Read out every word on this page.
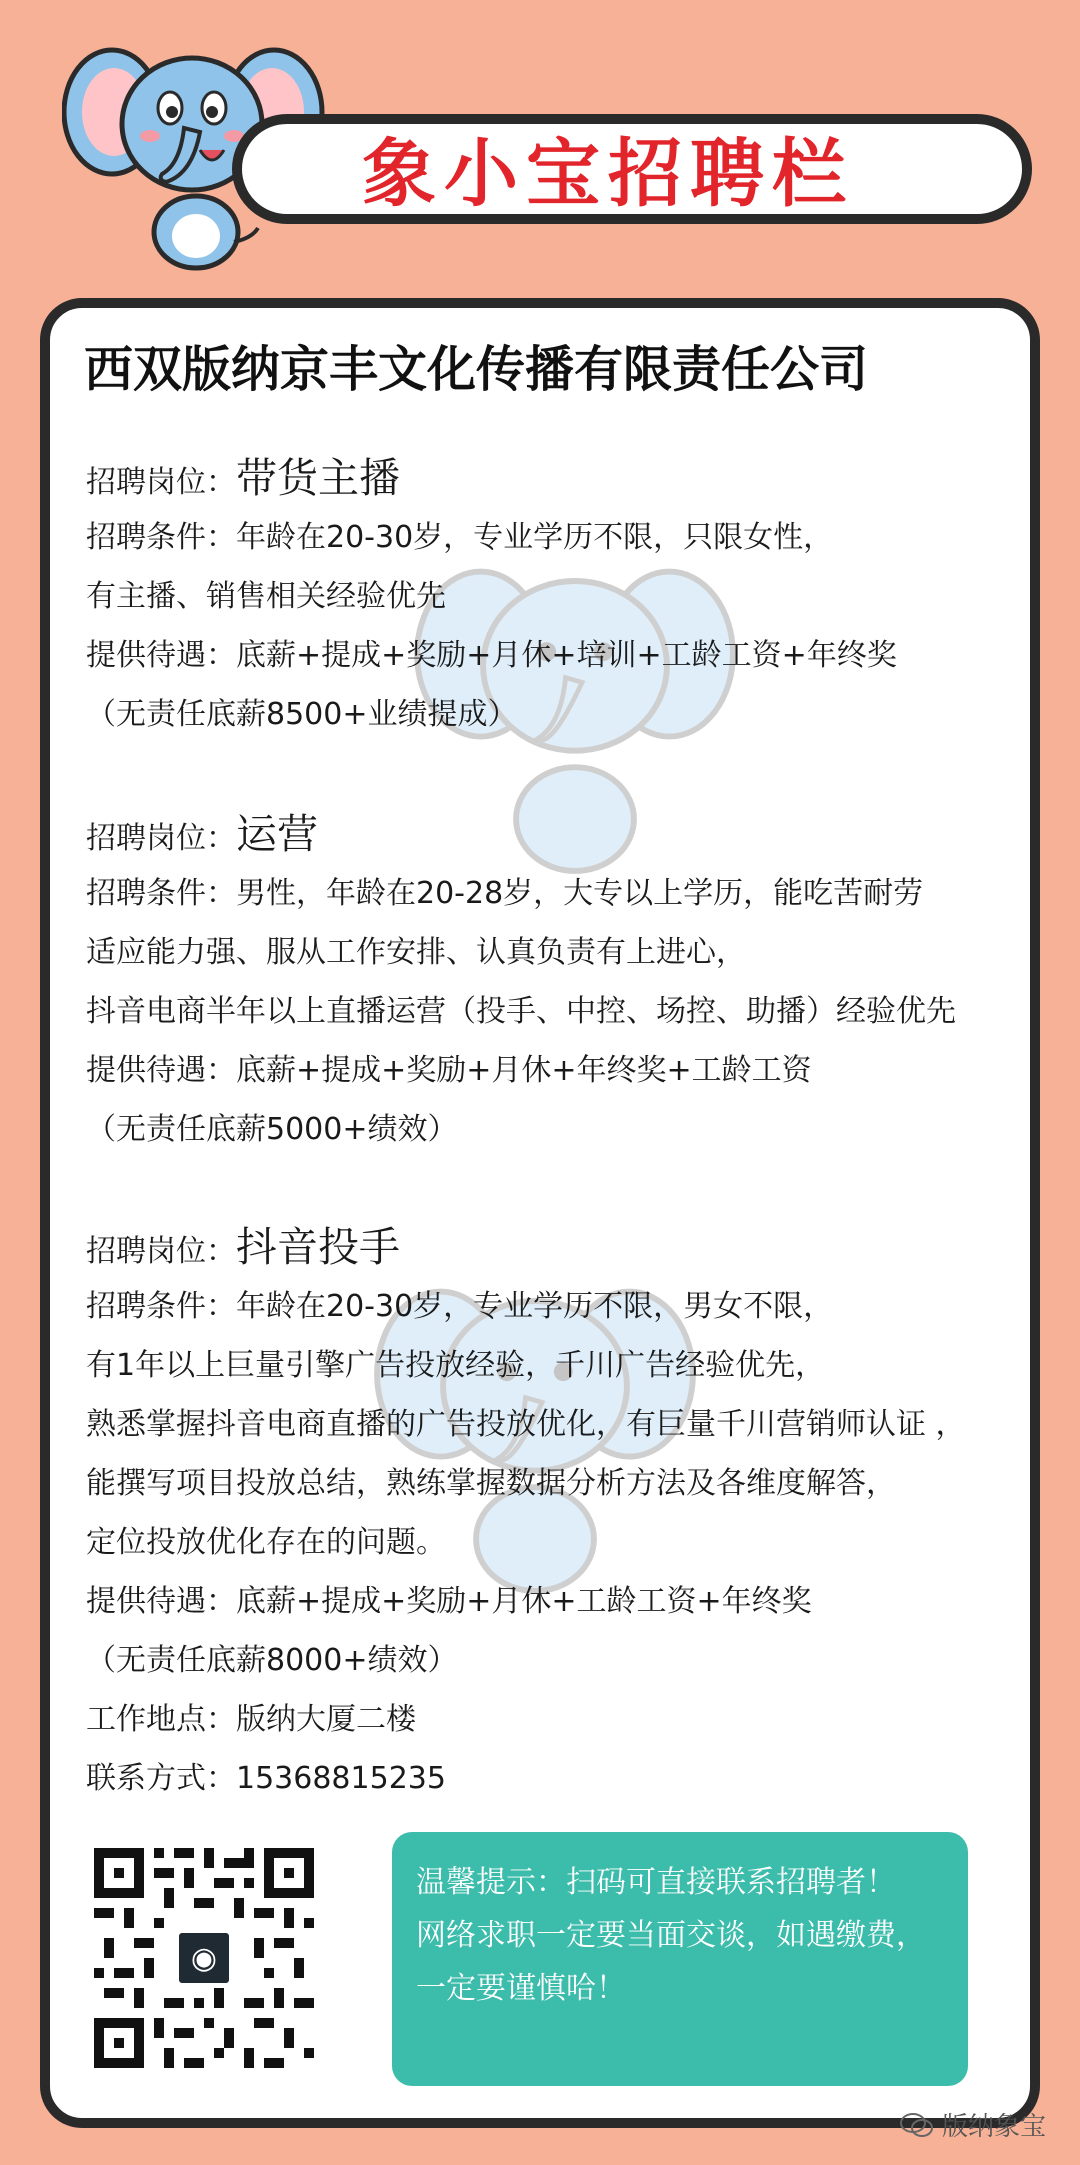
象小宝招聘栏
西双版纳京丰文化传播有限责任公司
招聘岗位：带货主播
招聘条件：年龄在20-30岁，专业学历不限，只限女性，
有主播、销售相关经验优先
提供待遇：底薪+提成+奖励+月休+培训+工龄工资+年终奖
（无责任底薪8500+业绩提成）
招聘岗位：运营
招聘条件：男性，年龄在20-28岁，大专以上学历，能吃苦耐劳
适应能力强、服从工作安排、认真负责有上进心，
抖音电商半年以上直播运营（投手、中控、场控、助播）经验优先
提供待遇：底薪+提成+奖励+月休+年终奖+工龄工资
（无责任底薪5000+绩效）
招聘岗位：抖音投手
招聘条件：年龄在20-30岁，专业学历不限，男女不限，
有1年以上巨量引擎广告投放经验，千川广告经验优先，
熟悉掌握抖音电商直播的广告投放优化，有巨量千川营销师认证 ，
能撰写项目投放总结，熟练掌握数据分析方法及各维度解答，
定位投放优化存在的问题。
提供待遇：底薪+提成+奖励+月休+工龄工资+年终奖
（无责任底薪8000+绩效）
工作地点：版纳大厦二楼
联系方式：15368815235
◉
温馨提示：扫码可直接联系招聘者！
网络求职一定要当面交谈，如遇缴费，
一定要谨慎哈！
版纳象宝
